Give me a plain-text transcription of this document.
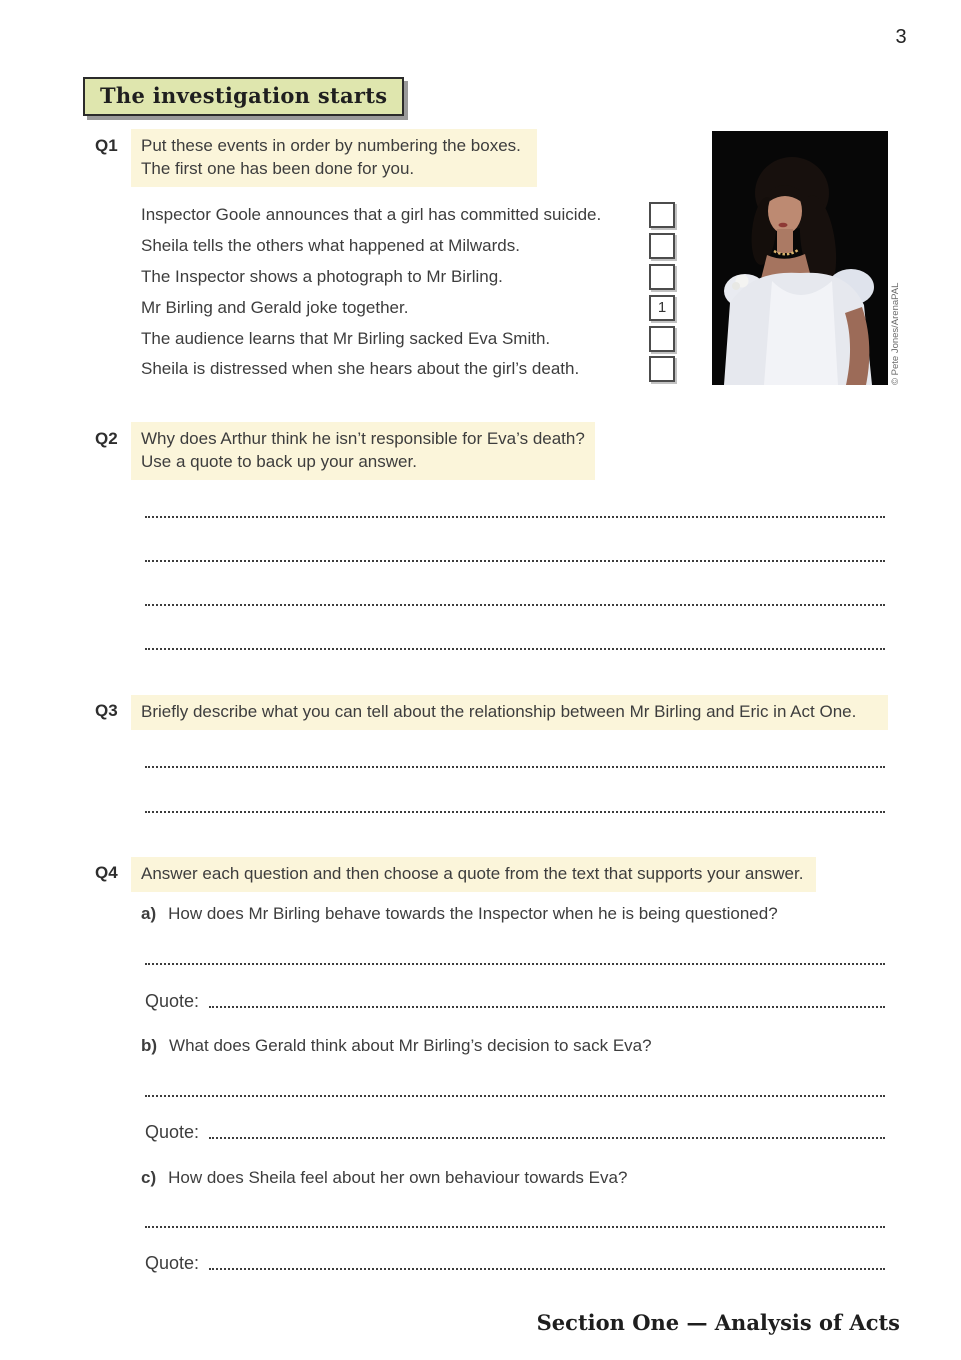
3
The investigation starts
Q1 Put these events in order by numbering the boxes.
The first one has been done for you.
Inspector Goole announces that a girl has committed suicide.
Sheila tells the others what happened at Milwards.
The Inspector shows a photograph to Mr Birling.
Mr Birling and Gerald joke together.	1
The audience learns that Mr Birling sacked Eva Smith.
Sheila is distressed when she hears about the girl’s death.	© Pete Jones/ArenaPAL
Q2 Why does Arthur think he isn’t responsible for Eva’s death?
Use a quote to back up your answer.
Q3	Briefly describe what you can tell about the relationship between Mr Birling and Eric in Act One.
Q4	Answer each question and then choose a quote from the text that supports your answer.
a) How does Mr Birling behave towards the Inspector when he is being questioned?
Quote:
b) What does Gerald think about Mr Birling’s decision to sack Eva?
Quote:
c) How does Sheila feel about her own behaviour towards Eva?
Quote:
Section One — Analysis of Acts
